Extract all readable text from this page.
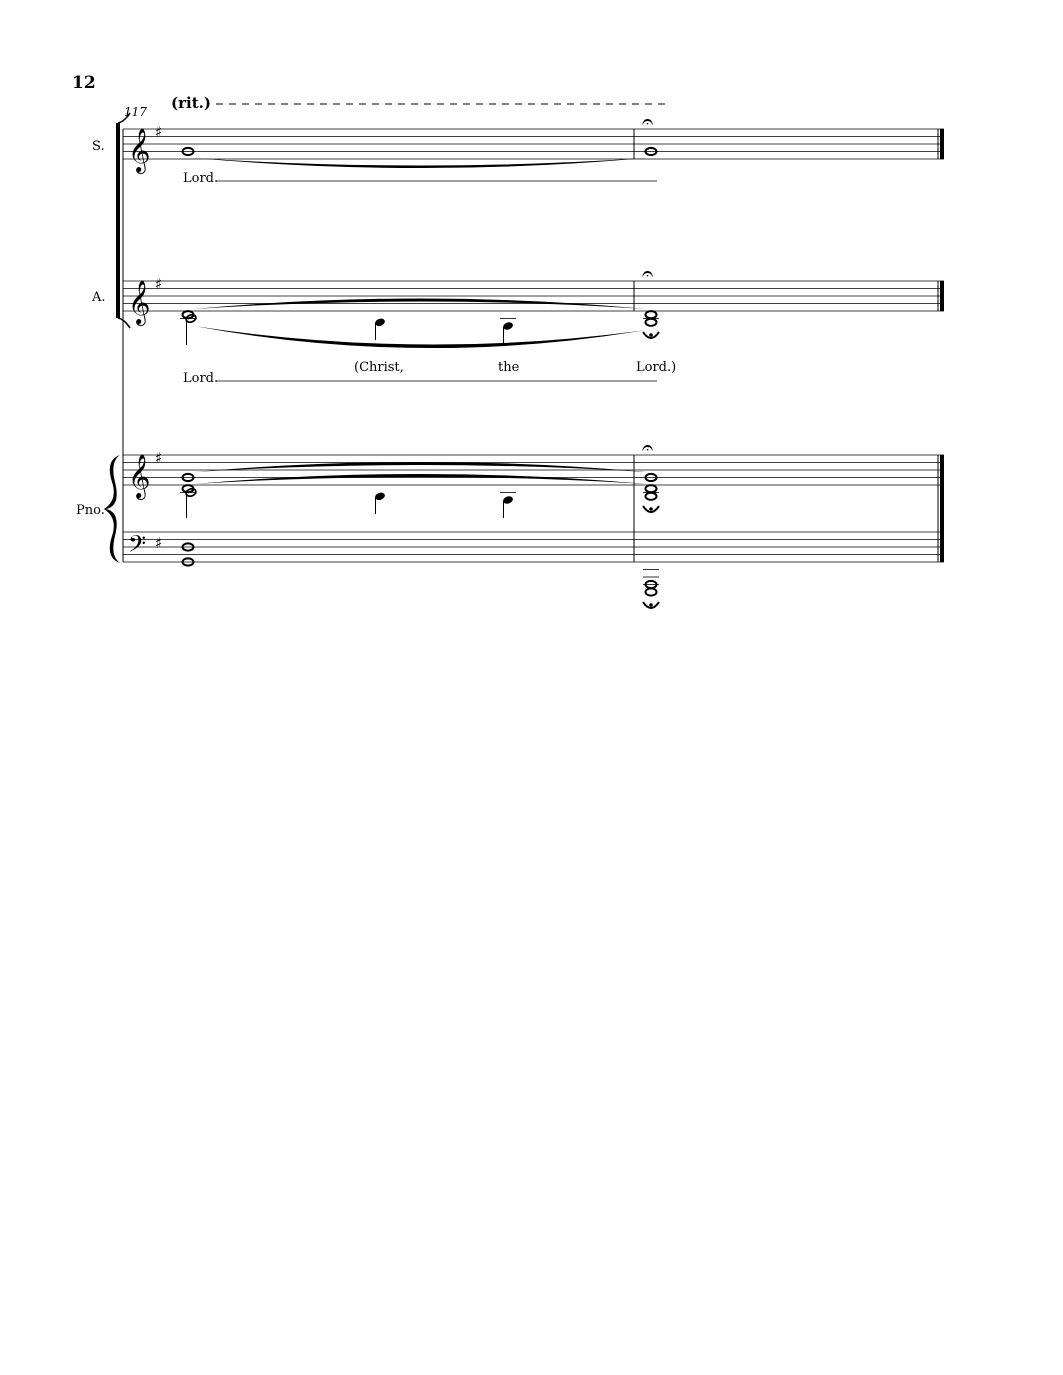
12
117 (rit.)
S. 𝄞 ♯	𝄐
Lord.
A. 𝄞 ♯	𝄐
Lord.
(Christ,	the	Lord.)
Pno.
𝄞 ♯	𝄐
𝄢 ♯
